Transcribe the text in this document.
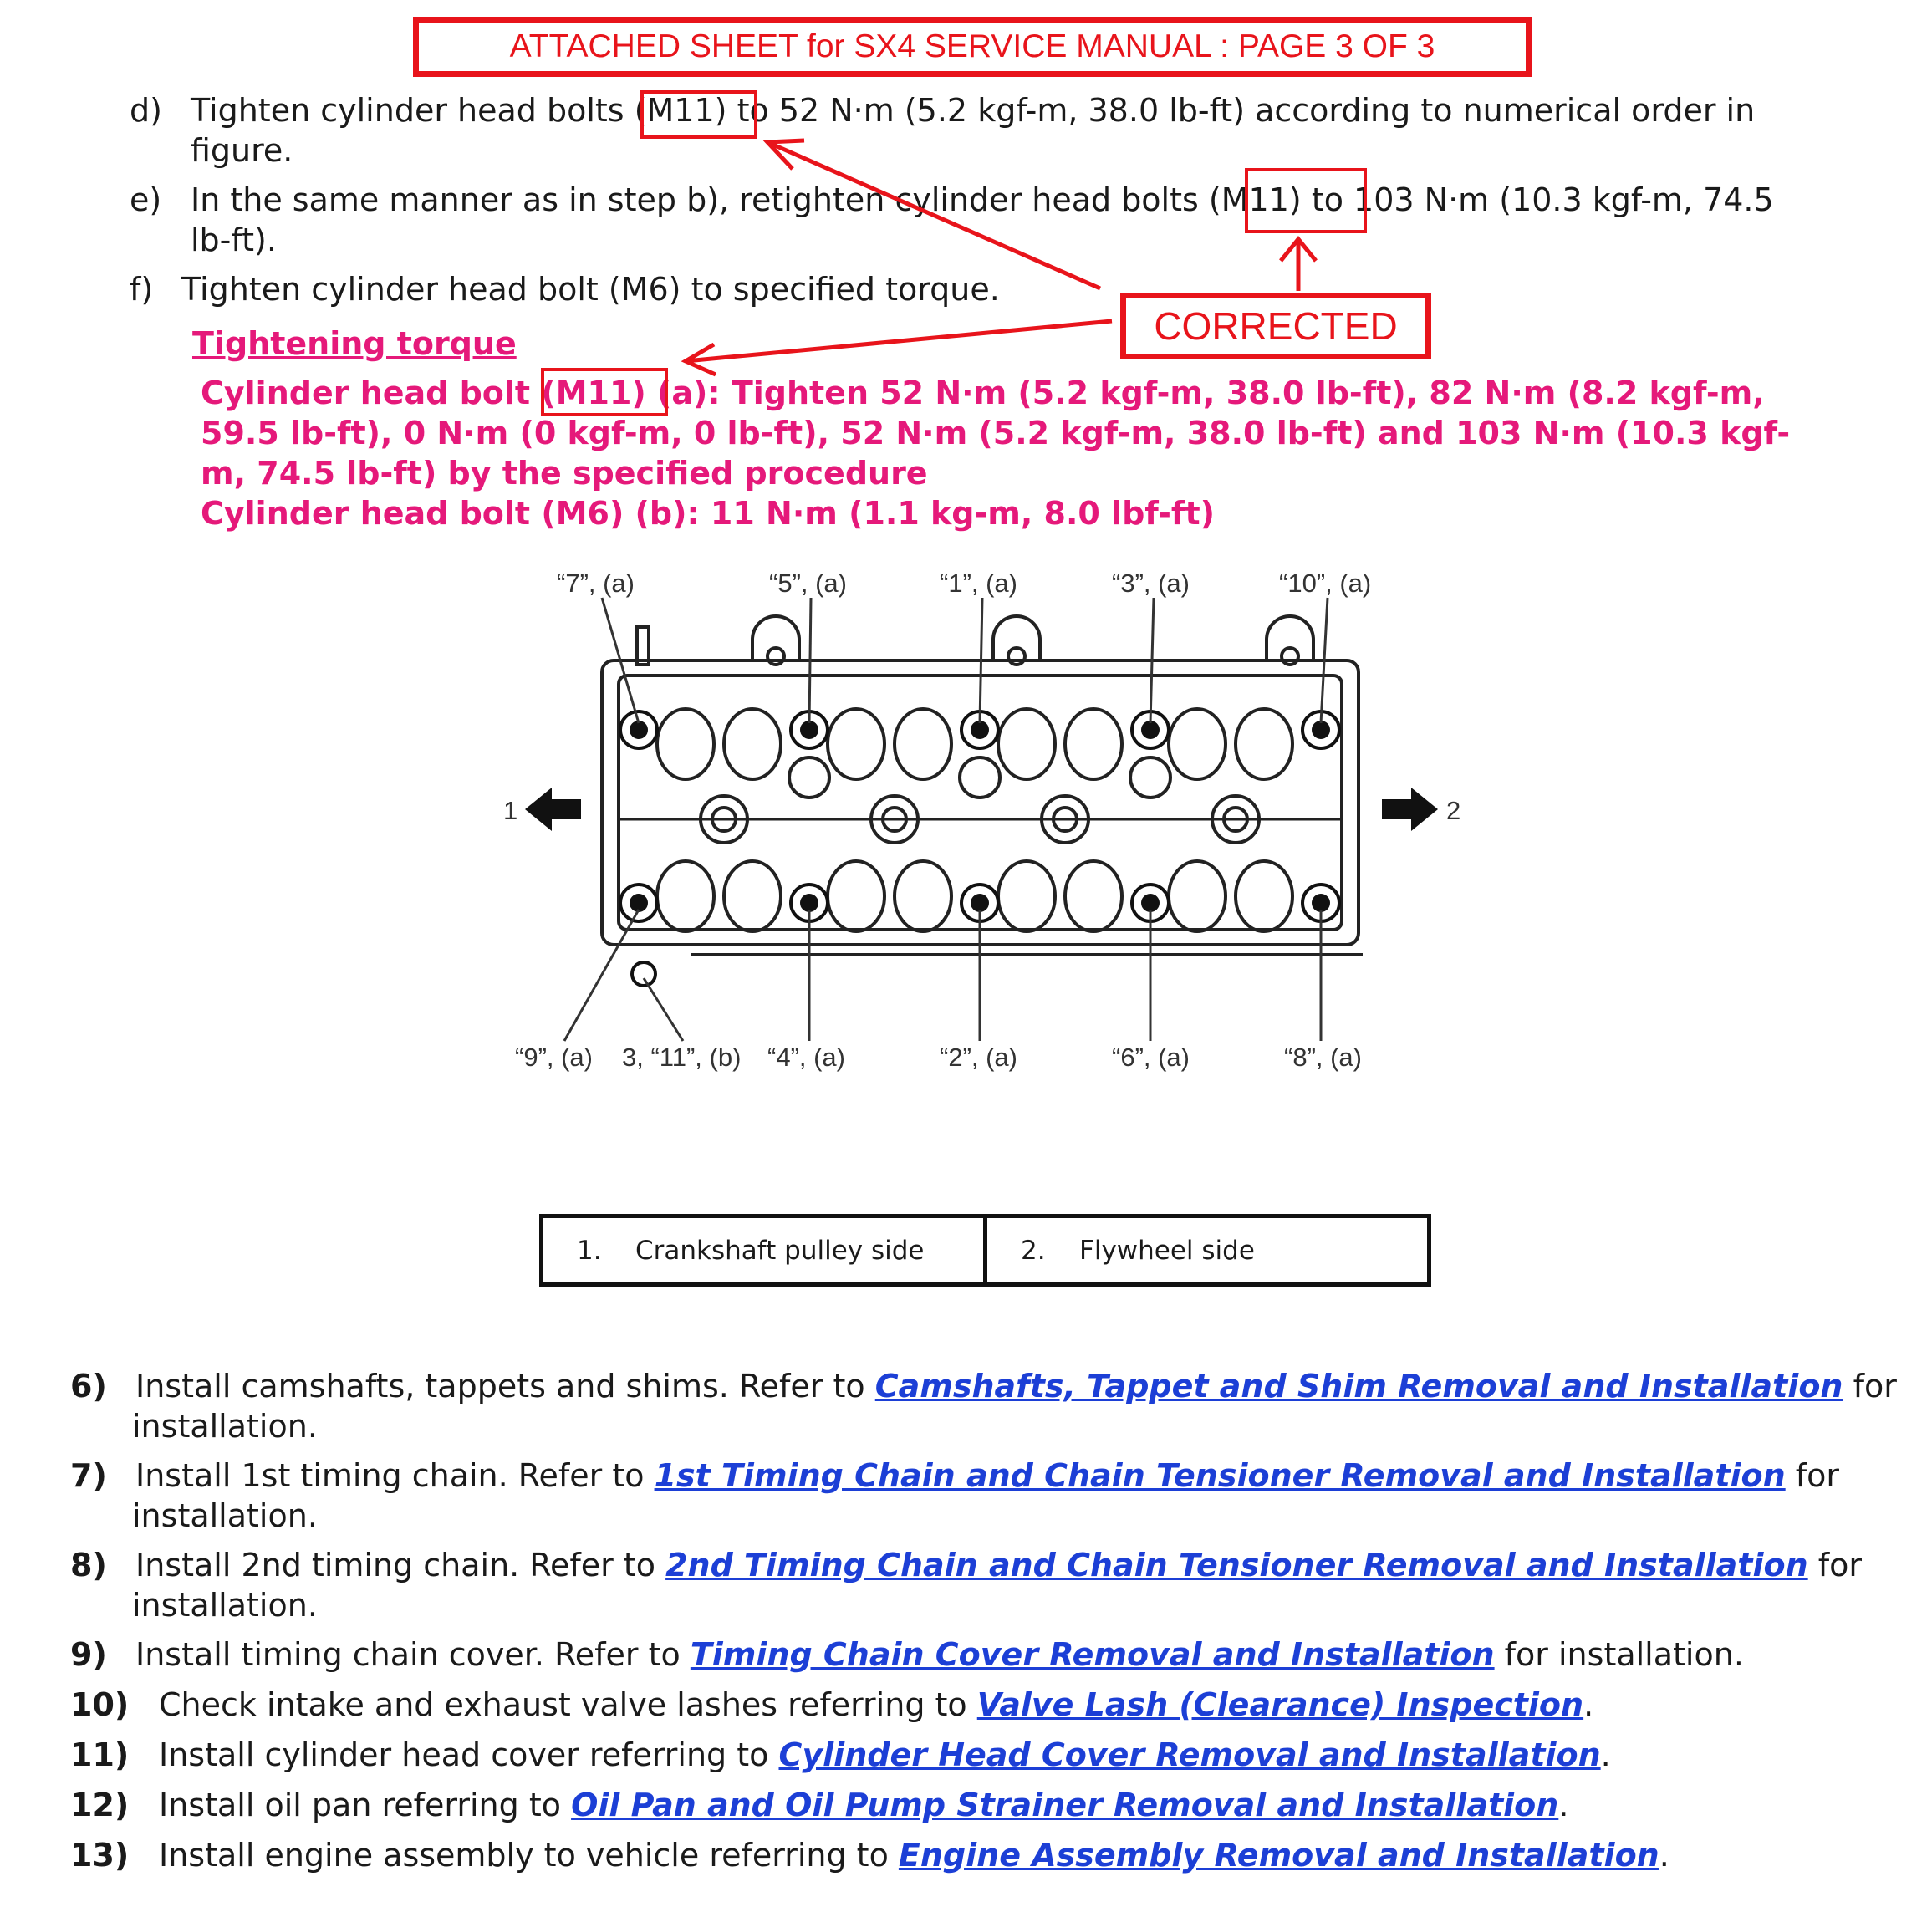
ATTACHED SHEET for SX4 SERVICE MANUAL : PAGE 3 OF 3
d) Tighten cylinder head bolts (M11) to 52 N·m (5.2 kgf-m, 38.0 lb-ft) according to numerical order in
figure.
e) In the same manner as in step b), retighten cylinder head bolts (M11) to 103 N·m (10.3 kgf-m, 74.5
lb-ft).
f) Tighten cylinder head bolt (M6) to specified torque.
CORRECTED
Tightening torque
Cylinder head bolt (M11) (a): Tighten 52 N·m (5.2 kgf-m, 38.0 lb-ft), 82 N·m (8.2 kgf-m,
59.5 lb-ft), 0 N·m (0 kgf-m, 0 lb-ft), 52 N·m (5.2 kgf-m, 38.0 lb-ft) and 103 N·m (10.3 kgf-
m, 74.5 lb-ft) by the specified procedure
Cylinder head bolt (M6) (b): 11 N·m (1.1 kg-m, 8.0 lbf-ft)
1	2
“7”, (a)	“5”, (a)	“1”, (a)	“3”, (a)	“10”, (a)
“9”, (a) 3, “11”, (b) “4”, (a)	“2”, (a)	“6”, (a)	“8”, (a)
1.	Crankshaft pulley side	2.	Flywheel side
6) Install camshafts, tappets and shims. Refer to Camshafts, Tappet and Shim Removal and Installation for
installation.
7) Install 1st timing chain. Refer to 1st Timing Chain and Chain Tensioner Removal and Installation for
installation.
8) Install 2nd timing chain. Refer to 2nd Timing Chain and Chain Tensioner Removal and Installation for
installation.
9) Install timing chain cover. Refer to Timing Chain Cover Removal and Installation for installation.
10) Check intake and exhaust valve lashes referring to Valve Lash (Clearance) Inspection.
11) Install cylinder head cover referring to Cylinder Head Cover Removal and Installation.
12) Install oil pan referring to Oil Pan and Oil Pump Strainer Removal and Installation.
13) Install engine assembly to vehicle referring to Engine Assembly Removal and Installation.
